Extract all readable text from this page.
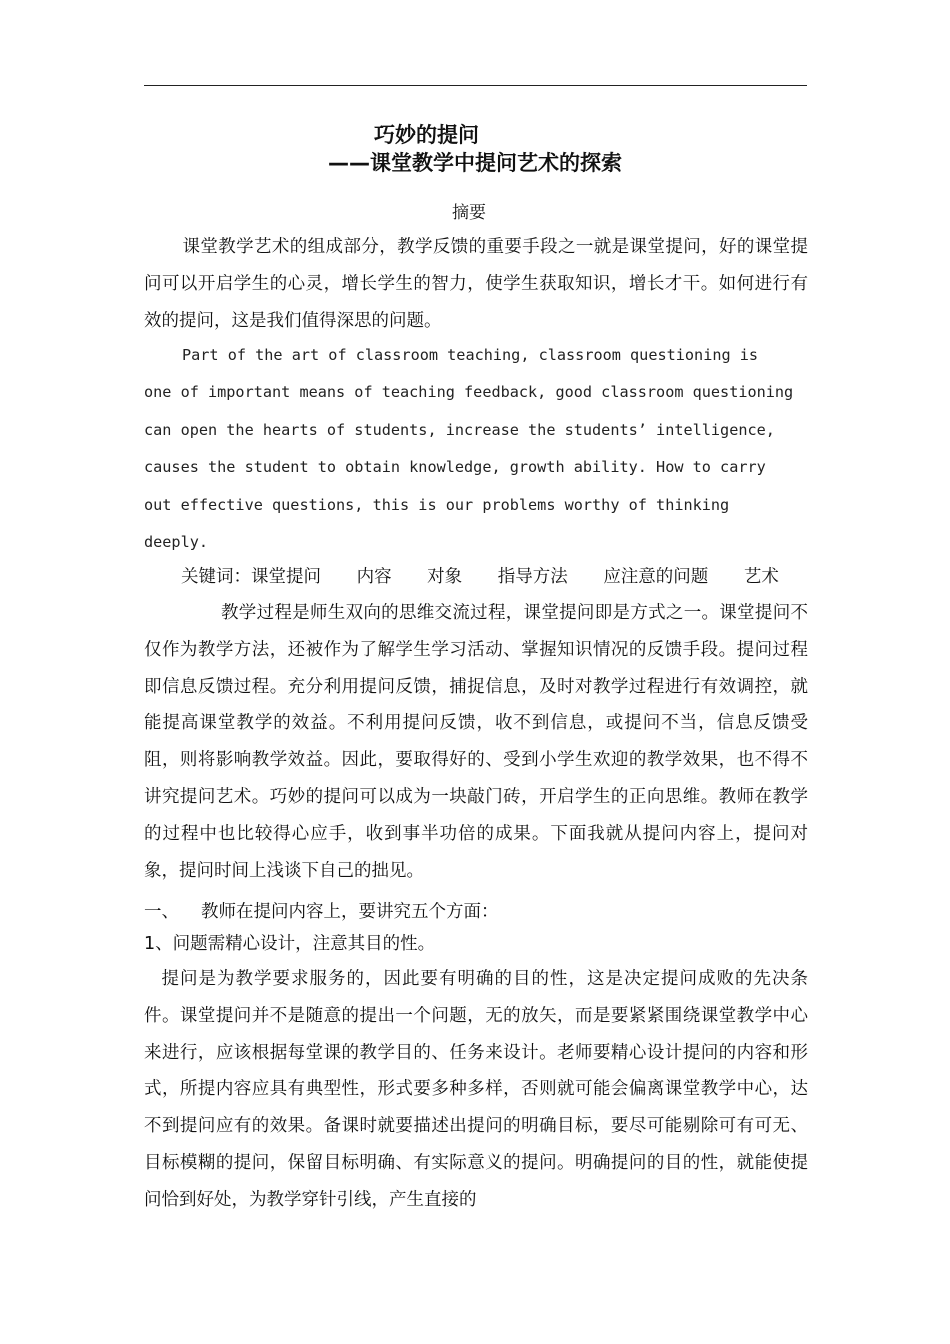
巧妙的提问
——课堂教学中提问艺术的探索
摘要
课堂教学艺术的组成部分，教学反馈的重要手段之一就是课堂提问，好的课堂提问可以开启学生的心灵，增长学生的智力，使学生获取知识，增长才干。如何进行有效的提问，这是我们值得深思的问题。
Part of the art of classroom teaching, classroom questioning is one of important means of teaching feedback, good classroom questioning can open the hearts of students, increase the students’ intelligence, causes the student to obtain knowledge, growth ability. How to carry out effective questions, this is our problems worthy of thinking deeply.
关键词：课堂提问 内容 对象 指导方法 应注意的问题 艺术
教学过程是师生双向的思维交流过程，课堂提问即是方式之一。课堂提问不仅作为教学方法，还被作为了解学生学习活动、掌握知识情况的反馈手段。提问过程即信息反馈过程。充分利用提问反馈，捕捉信息，及时对教学过程进行有效调控，就能提高课堂教学的效益。不利用提问反馈，收不到信息，或提问不当，信息反馈受阻，则将影响教学效益。因此，要取得好的、受到小学生欢迎的教学效果，也不得不讲究提问艺术。巧妙的提问可以成为一块敲门砖，开启学生的正向思维。教师在教学的过程中也比较得心应手，收到事半功倍的成果。下面我就从提问内容上，提问对象，提问时间上浅谈下自己的拙见。
一、 教师在提问内容上，要讲究五个方面：
1、问题需精心设计，注意其目的性。
提问是为教学要求服务的，因此要有明确的目的性，这是决定提问成败的先决条件。课堂提问并不是随意的提出一个问题，无的放矢，而是要紧紧围绕课堂教学中心来进行，应该根据每堂课的教学目的、任务来设计。老师要精心设计提问的内容和形式，所提内容应具有典型性，形式要多种多样，否则就可能会偏离课堂教学中心，达不到提问应有的效果。备课时就要描述出提问的明确目标，要尽可能剔除可有可无、目标模糊的提问，保留目标明确、有实际意义的提问。明确提问的目的性，就能使提问恰到好处，为教学穿针引线，产生直接的
